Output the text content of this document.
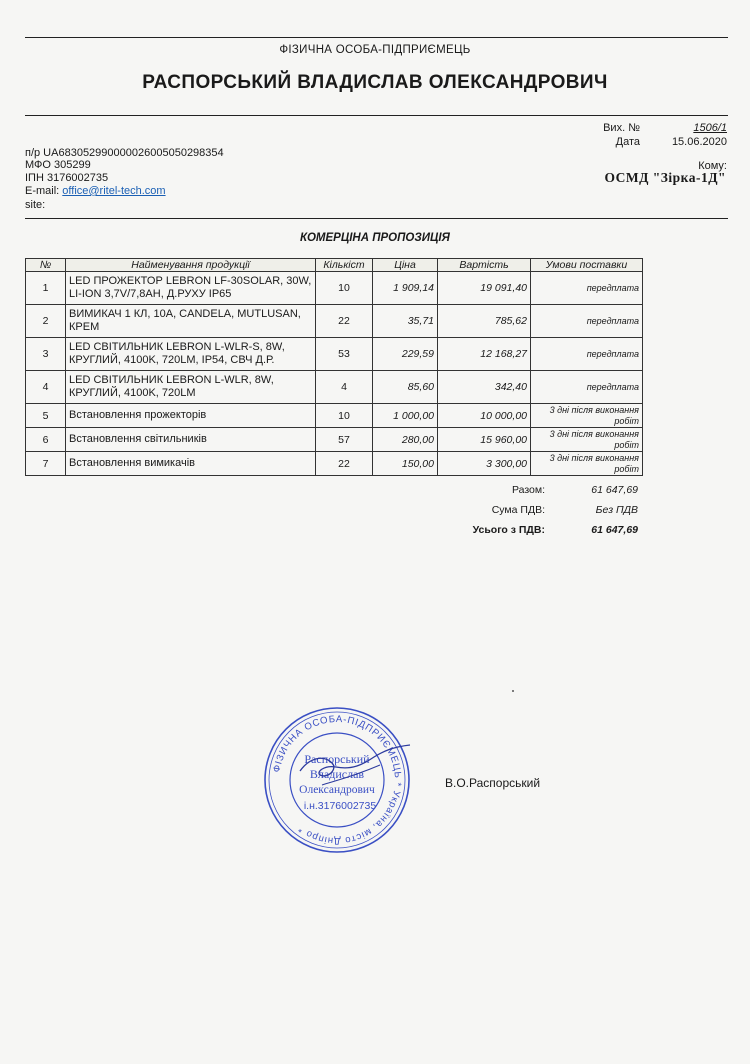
ФІЗИЧНА ОСОБА-ПІДПРИЄМЕЦЬ
РАСПОРСЬКИЙ ВЛАДИСЛАВ ОЛЕКСАНДРОВИЧ
п/р UA683052990000026005050298354
МФО 305299
ІПН 3176002735
E-mail: office@ritel-tech.com
site:
Вих. №	1506/1
Дата	15.06.2020
Кому:
ОСМД "Зірка-1Д"
КОМЕРЦІНА ПРОПОЗИЦІЯ
№	Найменування продукції	Кількіст	Ціна	Вартість	Умови поставки
1	LED ПРОЖЕКТОР LEBRON LF-30SOLAR, 30W, LI-ION 3,7V/7,8AH, Д.РУХУ IP65	10	1 909,14	19 091,40	передплата
2	ВИМИКАЧ 1 КЛ, 10А, CANDELA, MUTLUSAN, КРЕМ	22	35,71	785,62	передплата
3	LED СВІТИЛЬНИК LEBRON L-WLR-S, 8W, КРУГЛИЙ, 4100K, 720LM, IP54, СВЧ Д.Р.	53	229,59	12 168,27	передплата
4	LED СВІТИЛЬНИК LEBRON L-WLR, 8W, КРУГЛИЙ, 4100K, 720LM	4	85,60	342,40	передплата
5	Встановлення прожекторів	10	1 000,00	10 000,00	3 дні після виконання робіт
6	Встановлення світильників	57	280,00	15 960,00	3 дні після виконання робіт
7	Встановлення вимикачів	22	150,00	3 300,00	3 дні після виконання робіт
Разом:	61 647,69
Сума ПДВ:	Без ПДВ
Усього з ПДВ:	61 647,69
ФІЗИЧНА ОСОБА-ПІДПРИЄМЕЦЬ * Україна, місто Дніпро *
Распорський
Владислав
Олександрович
і.н.3176002735
В.О.Распорський
